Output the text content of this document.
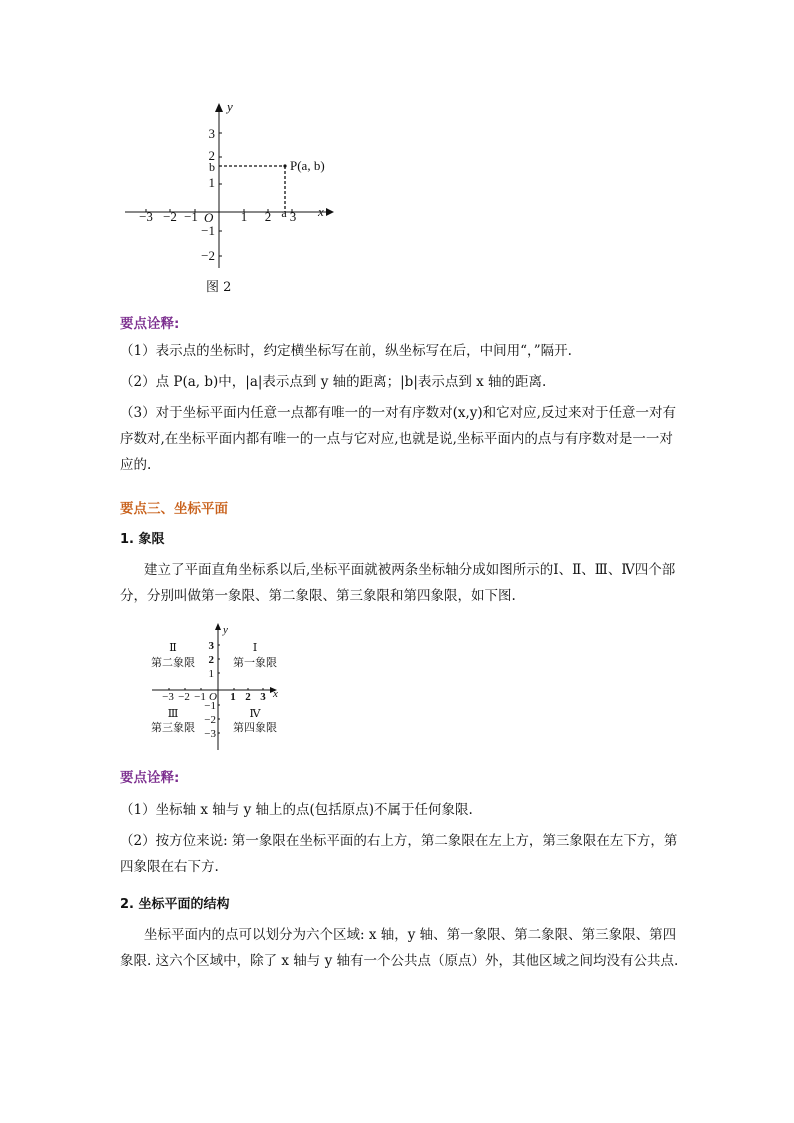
y
x
O
−3 −2 −1	1 2 3
a
3
2
1
−1
−2
b	P(a, b)
图 2
要点诠释:
（1）表示点的坐标时，约定横坐标写在前，纵坐标写在后，中间用“，”隔开.
（2）点 P(a, b)中，|a|表示点到 y 轴的距离；|b|表示点到 x 轴的距离.
（3）对于坐标平面内任意一点都有唯一的一对有序数对(x,y)和它对应,反过来对于任意一对有序数对,在坐标平面内都有唯一的一点与它对应,也就是说,坐标平面内的点与有序数对是一一对应的.
要点三、坐标平面
1. 象限
建立了平面直角坐标系以后,坐标平面就被两条坐标轴分成如图所示的Ⅰ、Ⅱ、Ⅲ、Ⅳ四个部分，分别叫做第一象限、第二象限、第三象限和第四象限，如下图.
y
x
O
−3 −2 −1 1 2 3
3
2
1
−1
−2
−3
Ⅱ
第二象限
Ⅰ
第一象限
Ⅲ
第三象限
Ⅳ
第四象限
要点诠释:
（1）坐标轴 x 轴与 y 轴上的点(包括原点)不属于任何象限.
（2）按方位来说: 第一象限在坐标平面的右上方，第二象限在左上方，第三象限在左下方，第四象限在右下方.
2. 坐标平面的结构
坐标平面内的点可以划分为六个区域: x 轴，y 轴、第一象限、第二象限、第三象限、第四象限. 这六个区域中，除了 x 轴与 y 轴有一个公共点（原点）外，其他区域之间均没有公共点.
